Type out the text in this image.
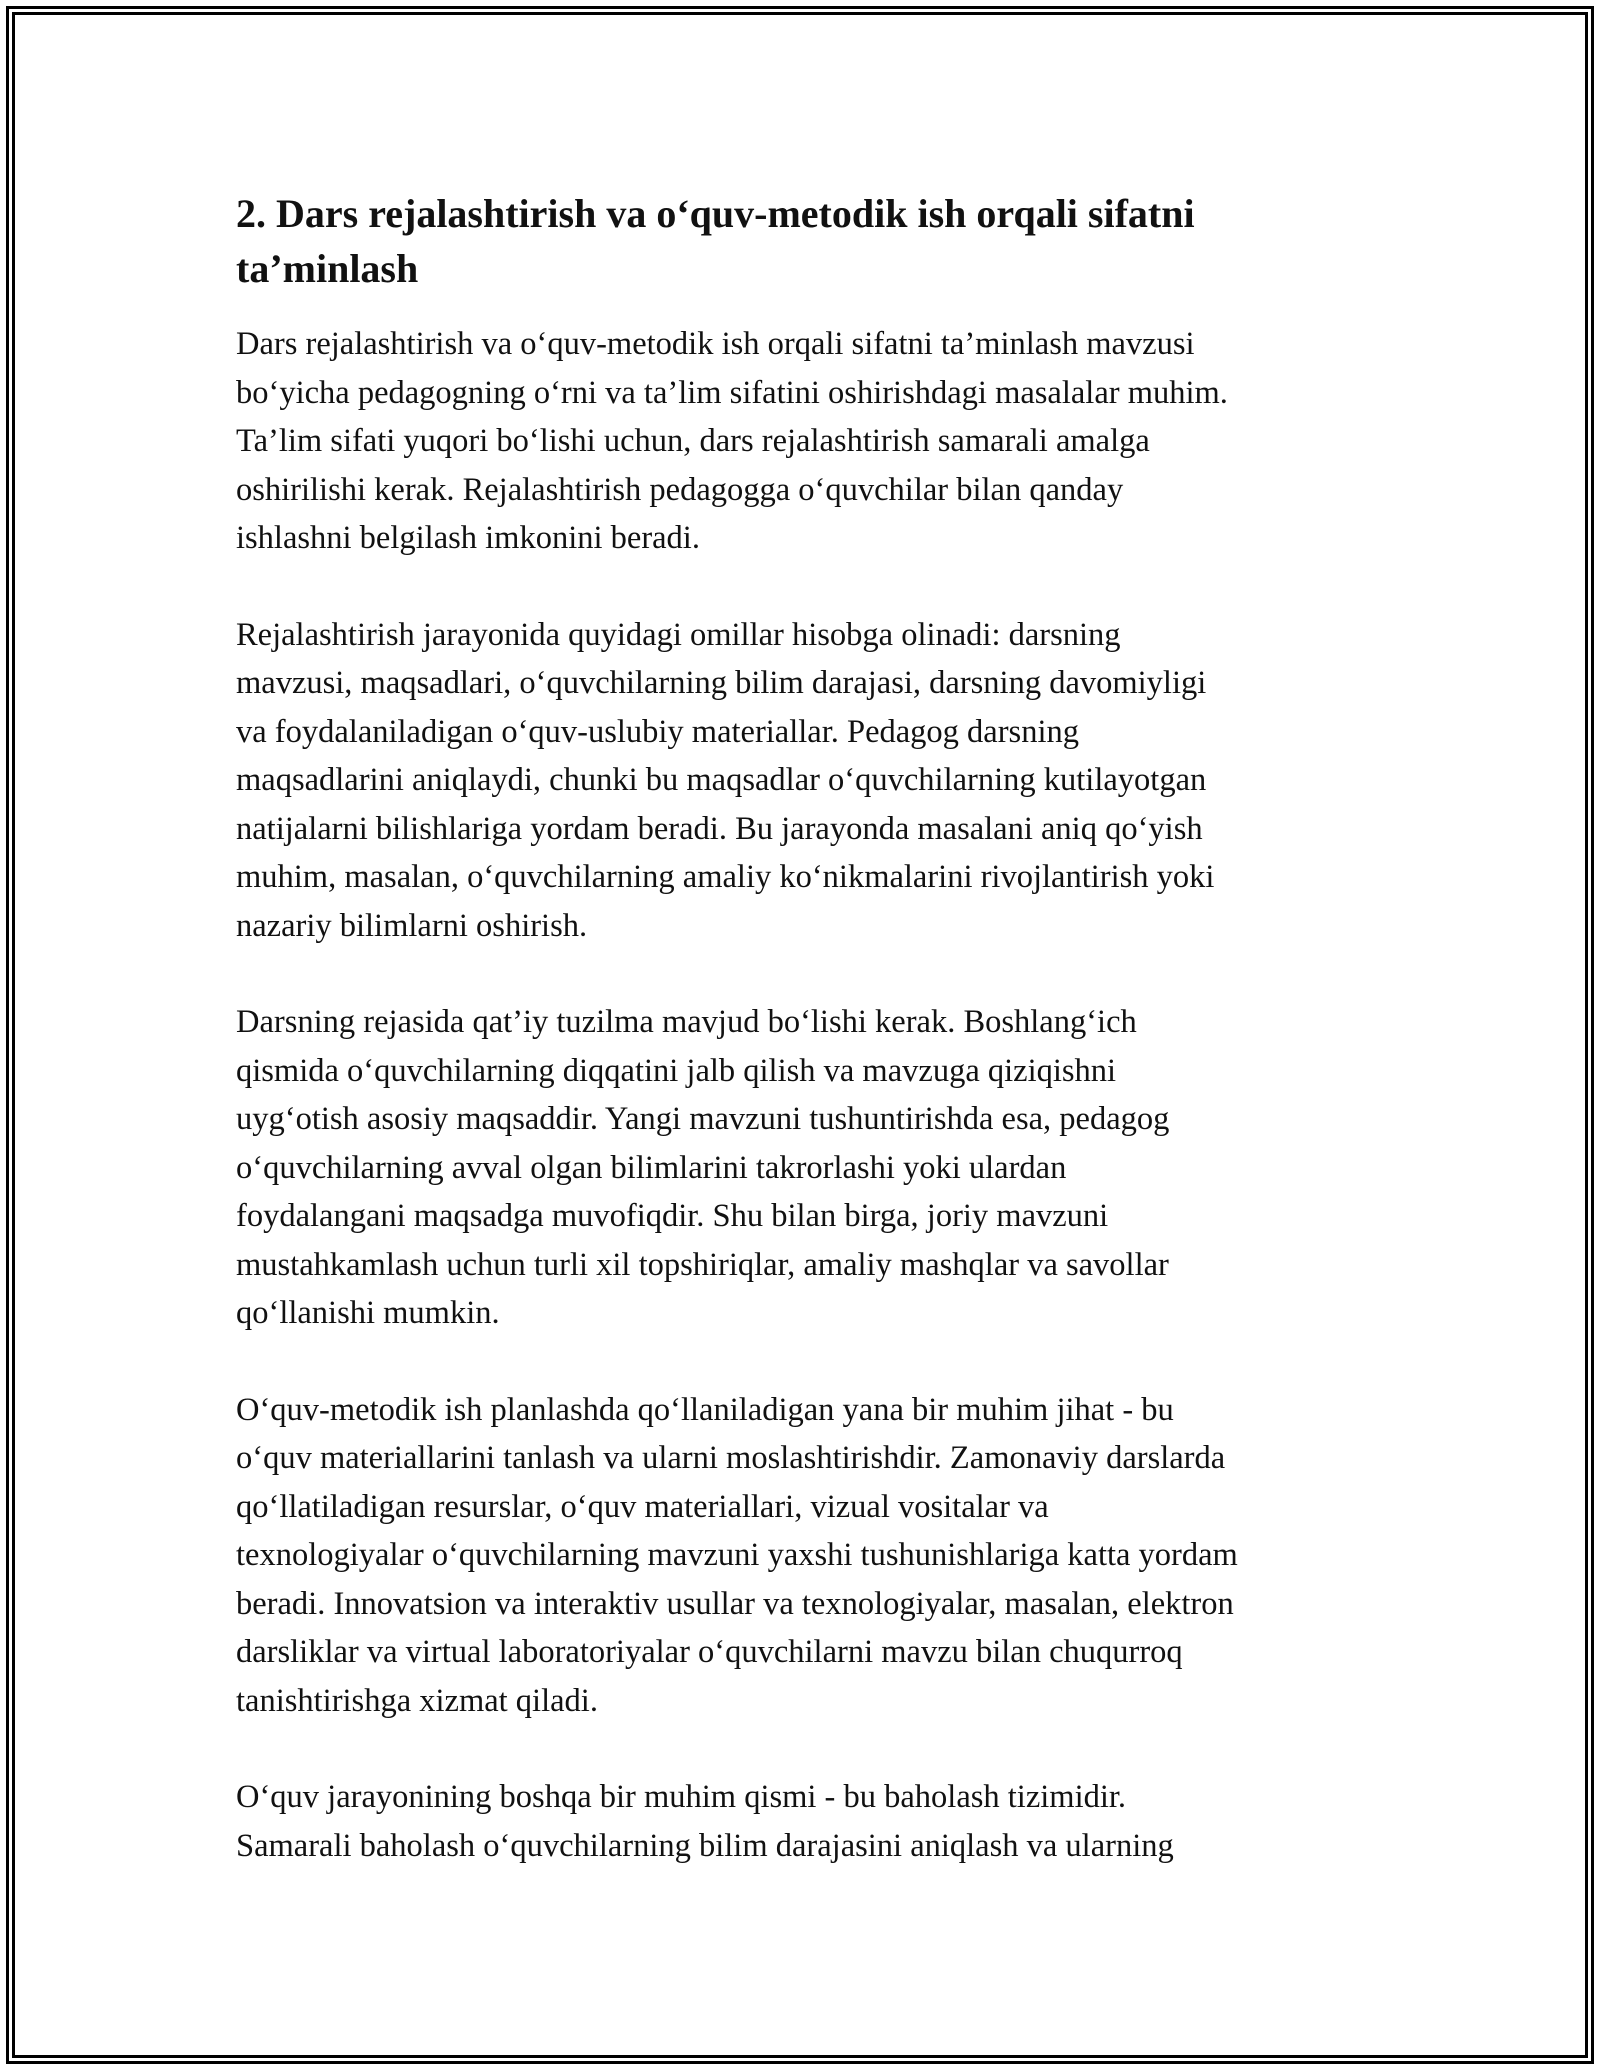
2. Dars rejalashtirish va o‘quv-metodik ish orqali sifatni
ta’minlash

Dars rejalashtirish va o‘quv-metodik ish orqali sifatni ta’minlash mavzusi
bo‘yicha pedagogning o‘rni va ta’lim sifatini oshirishdagi masalalar muhim.
Ta’lim sifati yuqori bo‘lishi uchun, dars rejalashtirish samarali amalga
oshirilishi kerak. Rejalashtirish pedagogga o‘quvchilar bilan qanday
ishlashni belgilash imkonini beradi.

Rejalashtirish jarayonida quyidagi omillar hisobga olinadi: darsning
mavzusi, maqsadlari, o‘quvchilarning bilim darajasi, darsning davomiyligi
va foydalaniladigan o‘quv-uslubiy materiallar. Pedagog darsning
maqsadlarini aniqlaydi, chunki bu maqsadlar o‘quvchilarning kutilayotgan
natijalarni bilishlariga yordam beradi. Bu jarayonda masalani aniq qo‘yish
muhim, masalan, o‘quvchilarning amaliy ko‘nikmalarini rivojlantirish yoki
nazariy bilimlarni oshirish.

Darsning rejasida qat’iy tuzilma mavjud bo‘lishi kerak. Boshlang‘ich
qismida o‘quvchilarning diqqatini jalb qilish va mavzuga qiziqishni
uyg‘otish asosiy maqsaddir. Yangi mavzuni tushuntirishda esa, pedagog
o‘quvchilarning avval olgan bilimlarini takrorlashi yoki ulardan
foydalangani maqsadga muvofiqdir. Shu bilan birga, joriy mavzuni
mustahkamlash uchun turli xil topshiriqlar, amaliy mashqlar va savollar
qo‘llanishi mumkin.

O‘quv-metodik ish planlashda qo‘llaniladigan yana bir muhim jihat - bu
o‘quv materiallarini tanlash va ularni moslashtirishdir. Zamonaviy darslarda
qo‘llatiladigan resurslar, o‘quv materiallari, vizual vositalar va
texnologiyalar o‘quvchilarning mavzuni yaxshi tushunishlariga katta yordam
beradi. Innovatsion va interaktiv usullar va texnologiyalar, masalan, elektron
darsliklar va virtual laboratoriyalar o‘quvchilarni mavzu bilan chuqurroq
tanishtirishga xizmat qiladi.

O‘quv jarayonining boshqa bir muhim qismi - bu baholash tizimidir.
Samarali baholash o‘quvchilarning bilim darajasini aniqlash va ularning
